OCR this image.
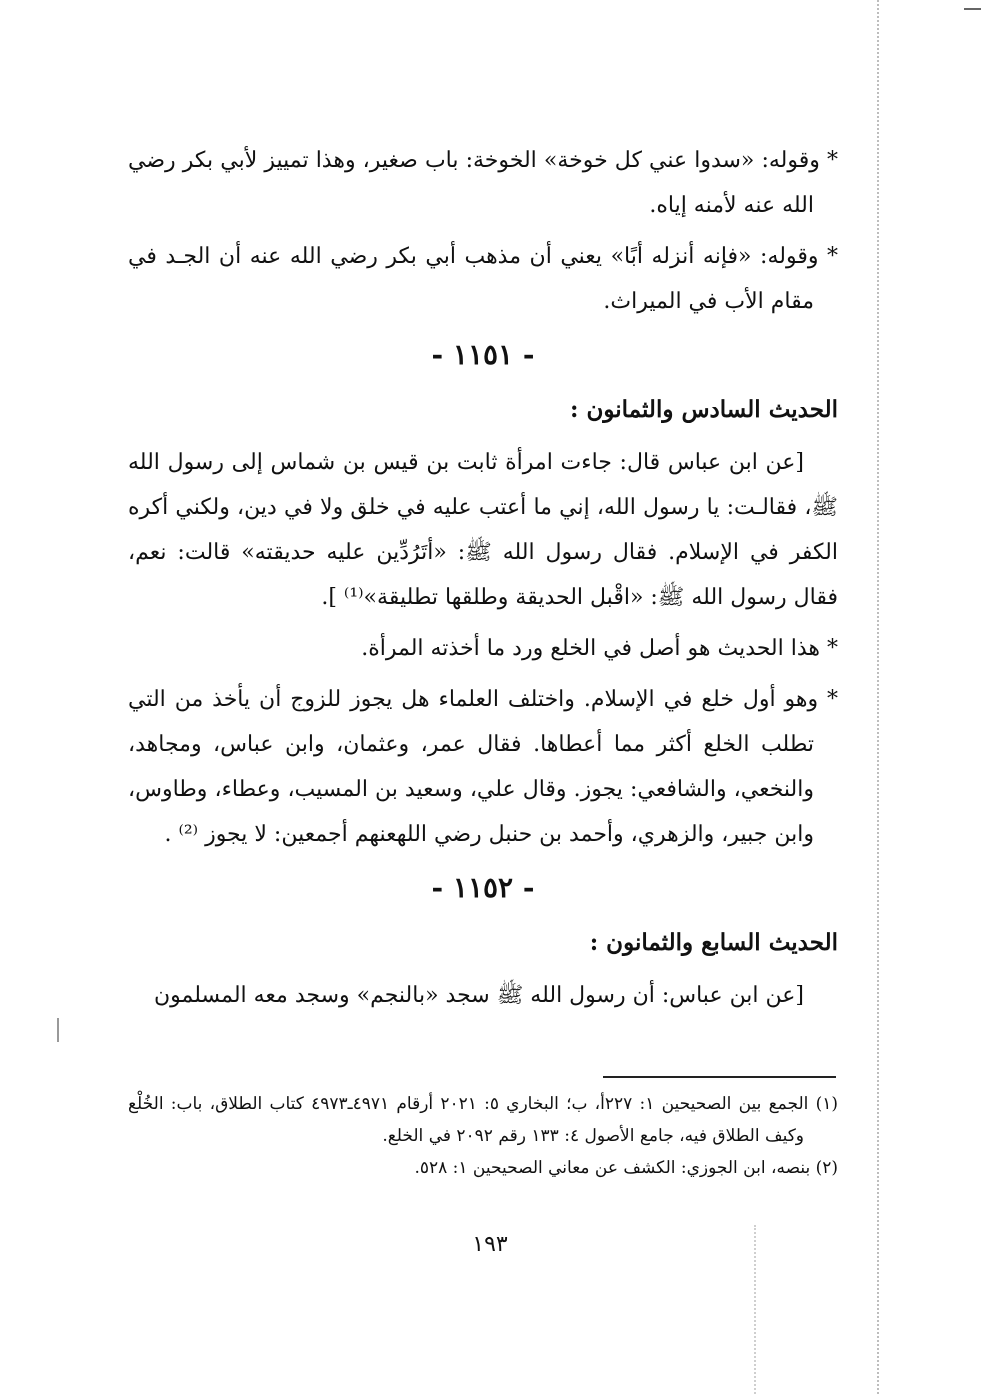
* وقوله: «سدوا عني كل خوخة» الخوخة: باب صغير، وهذا تمييز لأبي بكر رضي الله عنه لأمنه إياه.

* وقوله: «فإنه أنزله أبًا» يعني أن مذهب أبي بكر رضي الله عنه أن الجـد في مقام الأب في الميراث.

- ١١٥١ -
الحديث السادس والثمانون :

[عن ابن عباس قال: جاءت امرأة ثابت بن قيس بن شماس إلى رسول الله ﷺ، فقالـت: يا رسول الله، إني ما أعتب عليه في خلق ولا في دين، ولكني أكره الكفر في الإسلام. فقال رسول الله ﷺ: «أتَرُدِّين عليه حديقته» قالت: نعم، فقال رسول الله ﷺ: «اقْبل الحديقة وطلقها تطليقة»⁽¹⁾ ].

* هذا الحديث هو أصل في الخلع ورد ما أخذته المرأة.

* وهو أول خلع في الإسلام. واختلف العلماء هل يجوز للزوج أن يأخذ من التي تطلب الخلع أكثر مما أعطاها. فقال عمر، وعثمان، وابن عباس، ومجاهد، والنخعي، والشافعي: يجوز. وقال علي، وسعيد بن المسيب، وعطاء، وطاوس، وابن جبير، والزهري، وأحمد بن حنبل رضي اللهعنهم أجمعين: لا يجوز ⁽²⁾ .

- ١١٥٢ -
الحديث السابع والثمانون :

[عن ابن عباس: أن رسول الله ﷺ سجد «بالنجم» وسجد معه المسلمون

(١) الجمع بين الصحيحين ١: ٢٢٧أ، ب؛ البخاري ٥: ٢٠٢١ أرقام ٤٩٧١ـ٤٩٧٣ كتاب الطلاق، باب: الخُلْع وكيف الطلاق فيه، جامع الأصول ٤: ١٣٣ رقم ٢٠٩٢ في الخلع.

(٢) بنصه، ابن الجوزي: الكشف عن معاني الصحيحين ١: ٥٢٨.

١٩٣
